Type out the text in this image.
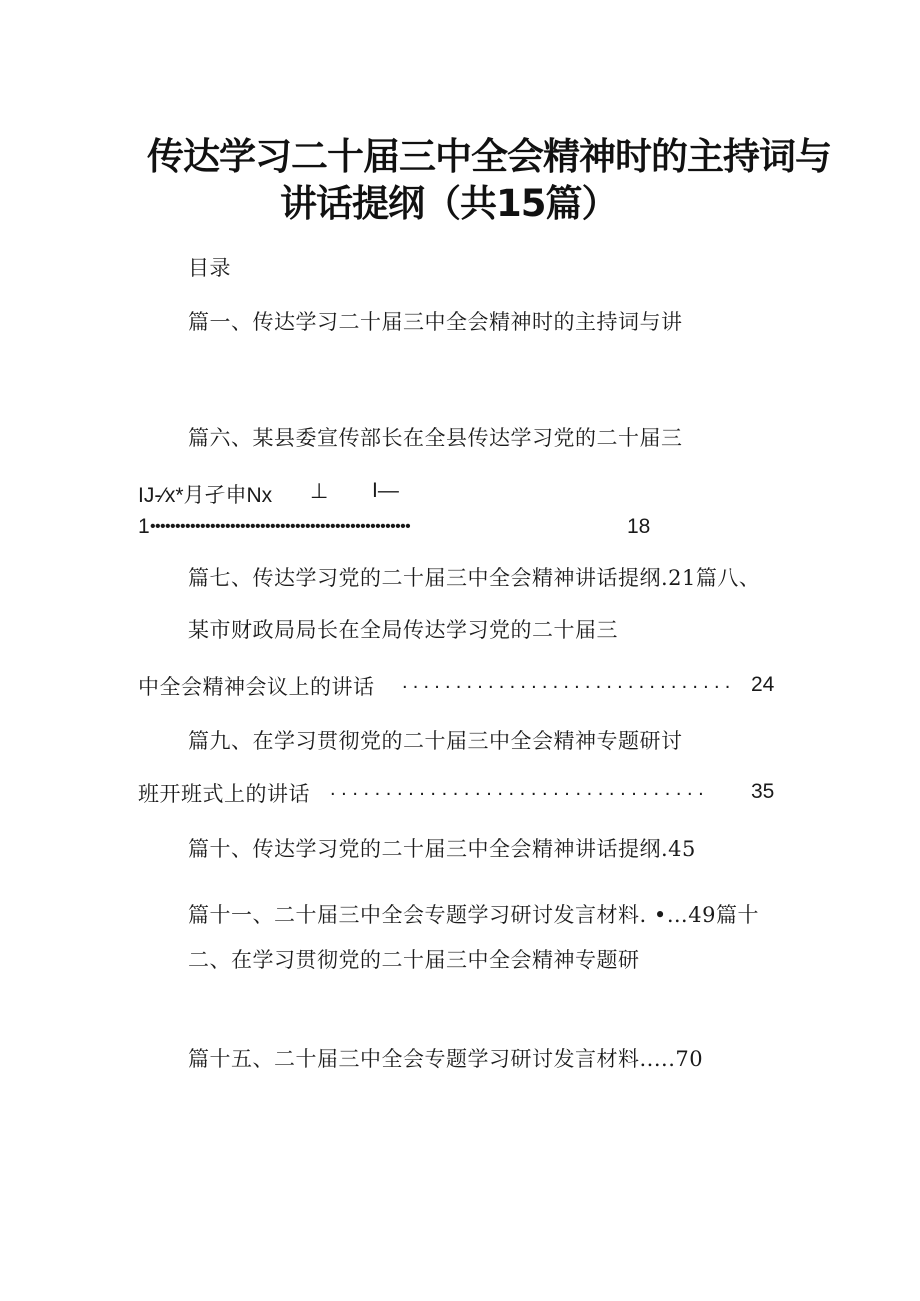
传达学习二十届三中全会精神时的主持词与
讲话提纲（共15篇）
目录
篇一、传达学习二十届三中全会精神时的主持词与讲
篇六、某县委宣传部长在全县传达学习党的二十届三
IJ-⁄x*月孑申Nx ⊥ I—
1 ••••••••••••••••••••••••••••••••••••••••••••••••••••	18
篇七、传达学习党的二十届三中全会精神讲话提纲.21篇八、
某市财政局局长在全局传达学习党的二十届三
中全会精神会议上的讲话 ............................... 24
篇九、在学习贯彻党的二十届三中全会精神专题研讨
班开班式上的讲话 .................................. 35
篇十、传达学习党的二十届三中全会精神讲话提纲.45
篇十一、二十届三中全会专题学习研讨发言材料. •…49篇十
二、在学习贯彻党的二十届三中全会精神专题研
篇十五、二十届三中全会专题学习研讨发言材料.....70
